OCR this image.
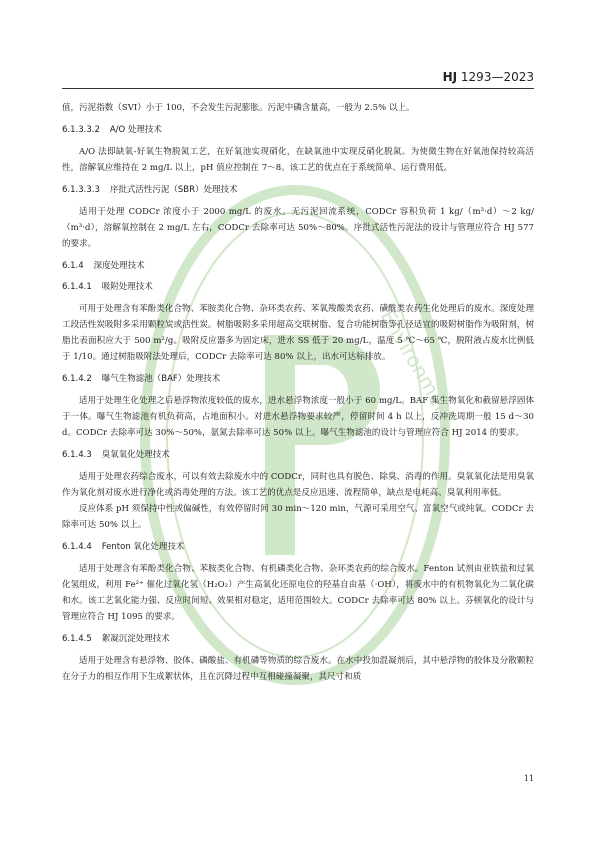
Environment
HJ 1293—2023

值，污泥指数（SVI）小于 100，不会发生污泥膨胀。污泥中磷含量高，一般为 2.5% 以上。

6.1.3.3.2 A/O 处理技术

A/O 法即缺氧-好氧生物脱氮工艺，在好氧池实现硝化，在缺氧池中实现反硝化脱氮。为使微生物在好氧池保持较高活性，溶解氧应维持在 2 mg/L 以上，pH 值应控制在 7～8。该工艺的优点在于系统简单、运行费用低。

6.1.3.3.3 序批式活性污泥（SBR）处理技术

适用于处理 CODCr 浓度小于 2000 mg/L 的废水。无污泥回流系统，CODCr 容积负荷 1 kg/（m³·d）～2 kg/（m³·d），溶解氧控制在 2 mg/L 左右，CODCr 去除率可达 50%～80%。序批式活性污泥法的设计与管理应符合 HJ 577 的要求。

6.1.4 深度处理技术
6.1.4.1 吸附处理技术

可用于处理含有苯酚类化合物、苯胺类化合物、杂环类农药、苯氧羧酸类农药、磺酰类农药生化处理后的废水。深度处理工段活性炭吸附多采用颗粒炭或活性炭。树脂吸附多采用超高交联树脂、复合功能树脂等孔径适宜的吸附树脂作为吸附剂，树脂比表面积应大于 500 m²/g。吸附反应器多为固定床，进水 SS 低于 20 mg/L，温度 5 ℃～65 ℃，脱附液占废水比例低于 1/10。通过树脂吸附法处理后，CODCr 去除率可达 80% 以上，出水可达标排放。

6.1.4.2 曝气生物滤池（BAF）处理技术

适用于处理生化处理之后悬浮物浓度较低的废水，进水悬浮物浓度一般小于 60 mg/L。BAF 集生物氧化和截留悬浮固体于一体。曝气生物滤池有机负荷高，占地面积小。对进水悬浮物要求较严，停留时间 4 h 以上，反冲洗周期一般 15 d～30 d。CODCr 去除率可达 30%～50%，氨氮去除率可达 50% 以上。曝气生物滤池的设计与管理应符合 HJ 2014 的要求。

6.1.4.3 臭氧氧化处理技术

适用于处理农药综合废水，可以有效去除废水中的 CODCr，同时也具有脱色、除臭、消毒的作用。臭氧氧化法是用臭氧作为氧化剂对废水进行净化或消毒处理的方法。该工艺的优点是反应迅速、流程简单，缺点是电耗高、臭氧利用率低。

反应体系 pH 须保持中性或偏碱性，有效停留时间 30 min～120 min，气源可采用空气、富氧空气或纯氧。CODCr 去除率可达 50% 以上。

6.1.4.4 Fenton 氧化处理技术

适用于处理含有苯酚类化合物、苯胺类化合物、有机磷类化合物、杂环类农药的综合废水。Fenton 试剂由亚铁盐和过氧化氢组成，利用 Fe²⁺ 催化过氧化氢（H₂O₂）产生高氧化还原电位的羟基自由基（·OH），将废水中的有机物氧化为二氧化碳和水。该工艺氧化能力强、反应时间短、效果相对稳定，适用范围较大。CODCr 去除率可达 80% 以上。芬顿氧化的设计与管理应符合 HJ 1095 的要求。

6.1.4.5 絮凝沉淀处理技术

适用于处理含有悬浮物、胶体、磷酸盐、有机磷等物质的综合废水。在水中投加混凝剂后，其中悬浮物的胶体及分散颗粒在分子力的相互作用下生成絮状体，且在沉降过程中互相碰撞凝聚，其尺寸和质

11
